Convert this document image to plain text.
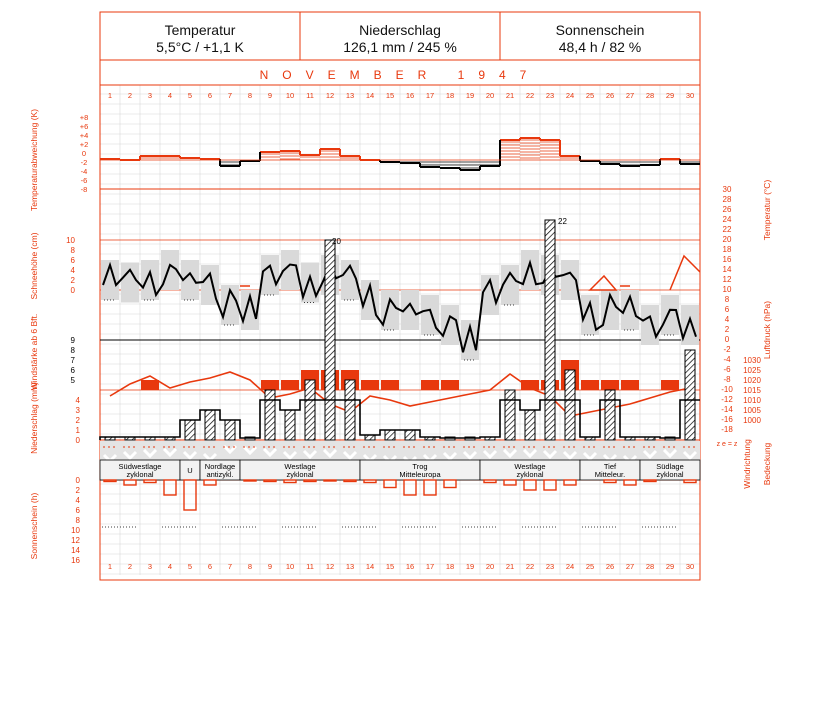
Temperatur
5,5°C / +1,1 K
Niederschlag
126,1 mm / 245 %
Sonnenschein
48,4 h / 82 %
NOVEMBER 1947
1
1
2
2
3
3
4
4
5
5
6
6
7
7
8
8
9
9
10
10
11
11
12
12
13
13
14
14
15
15
16
16
17
17
18
18
19
19
20
20
21
21
22
22
23
23
24
24
25
25
26
26
27
27
28
28
29
29
30
30
+8
+6
+4
+2
0
-2
-4
-6
-8	30
28
26
24
22
20
18
16
14
12
10
8
6
4
2
0
-2
-4
-6
-8
-10
-12
-14
-16
-18
10
8
6
4
2
0
9
8
7
6
5
1030
1025
1020
1015
1010
1005
1000
4
3
2
1
0
20
22
z e = z
Südwestlage
zyklonal	U Nordlage
antizykl.
Westlage
zyklonal
Trog
Mitteleuropa
Westlage
zyklonal
Tief
Mitteleur.
Südlage
zyklonal
0
2
4
6
8
10
12
14
16
Temperaturabweichung (K)
Schneehöhe (cm)
Windstärke ab 6 Bft.
Niederschlag (mm)
Sonnenschein (h)
Temperatur (°C)
Luftdruck (hPa)
Windrichtung Bedeckung
